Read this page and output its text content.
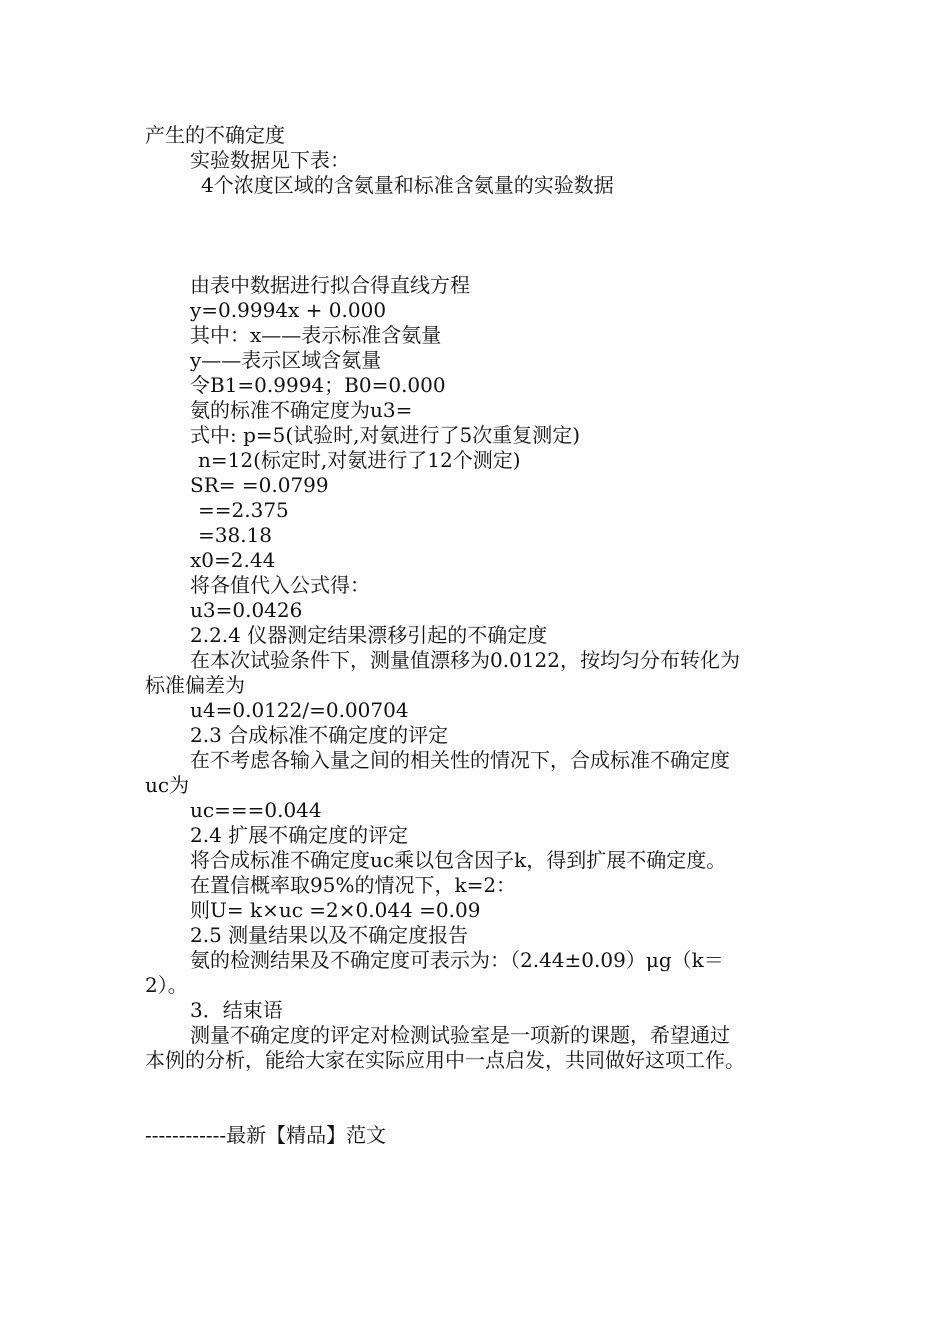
产生的不确定度
实验数据见下表：
4个浓度区域的含氨量和标准含氨量的实验数据
由表中数据进行拟合得直线方程
y=0.9994x + 0.000
其中：x——表示标准含氨量
y——表示区域含氨量
令B1=0.9994；B0=0.000
氨的标准不确定度为u3=
式中: p=5(试验时,对氨进行了5次重复测定)
n=12(标定时,对氨进行了12个测定)
SR= =0.0799
==2.375
=38.18
x0=2.44
将各值代入公式得：
u3=0.0426
2.2.4 仪器测定结果漂移引起的不确定度
在本次试验条件下，测量值漂移为0.0122，按均匀分布转化为
标准偏差为
u4=0.0122/=0.00704
2.3 合成标准不确定度的评定
在不考虑各输入量之间的相关性的情况下，合成标准不确定度
uc为
uc===0.044
2.4 扩展不确定度的评定
将合成标准不确定度uc乘以包含因子k，得到扩展不确定度。
在置信概率取95%的情况下，k=2：
则U= k×uc =2×0.044 =0.09
2.5 测量结果以及不确定度报告
氨的检测结果及不确定度可表示为：（2.44±0.09）μg（k＝
2）。
3．结束语
测量不确定度的评定对检测试验室是一项新的课题，希望通过
本例的分析，能给大家在实际应用中一点启发，共同做好这项工作。
------------最新【精品】范文
